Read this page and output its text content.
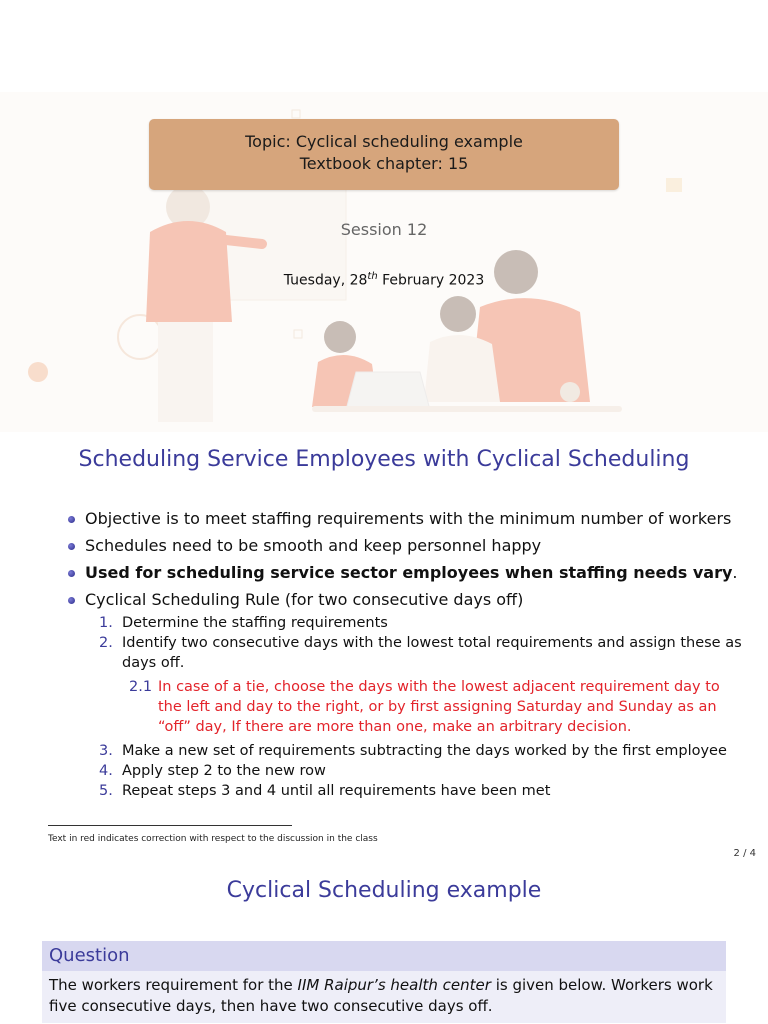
Topic: Cyclical scheduling example
Textbook chapter: 15
Session 12
Tuesday, 28th February 2023
Scheduling Service Employees with Cyclical Scheduling
Objective is to meet staffing requirements with the minimum number of workers
Schedules need to be smooth and keep personnel happy
Used for scheduling service sector employees when staffing needs vary.
Cyclical Scheduling Rule (for two consecutive days off)
1. Determine the staffing requirements
2. Identify two consecutive days with the lowest total requirements and assign these as days off.
2.1 In case of a tie, choose the days with the lowest adjacent requirement day to the left and day to the right, or by first assigning Saturday and Sunday as an “off” day, If there are more than one, make an arbitrary decision.
3. Make a new set of requirements subtracting the days worked by the first employee
4. Apply step 2 to the new row
5. Repeat steps 3 and 4 until all requirements have been met
Text in red indicates correction with respect to the discussion in the class
2 / 4
Cyclical Scheduling example
Question
The workers requirement for the IIM Raipur’s health center is given below. Workers work five consecutive days, then have two consecutive days off.
